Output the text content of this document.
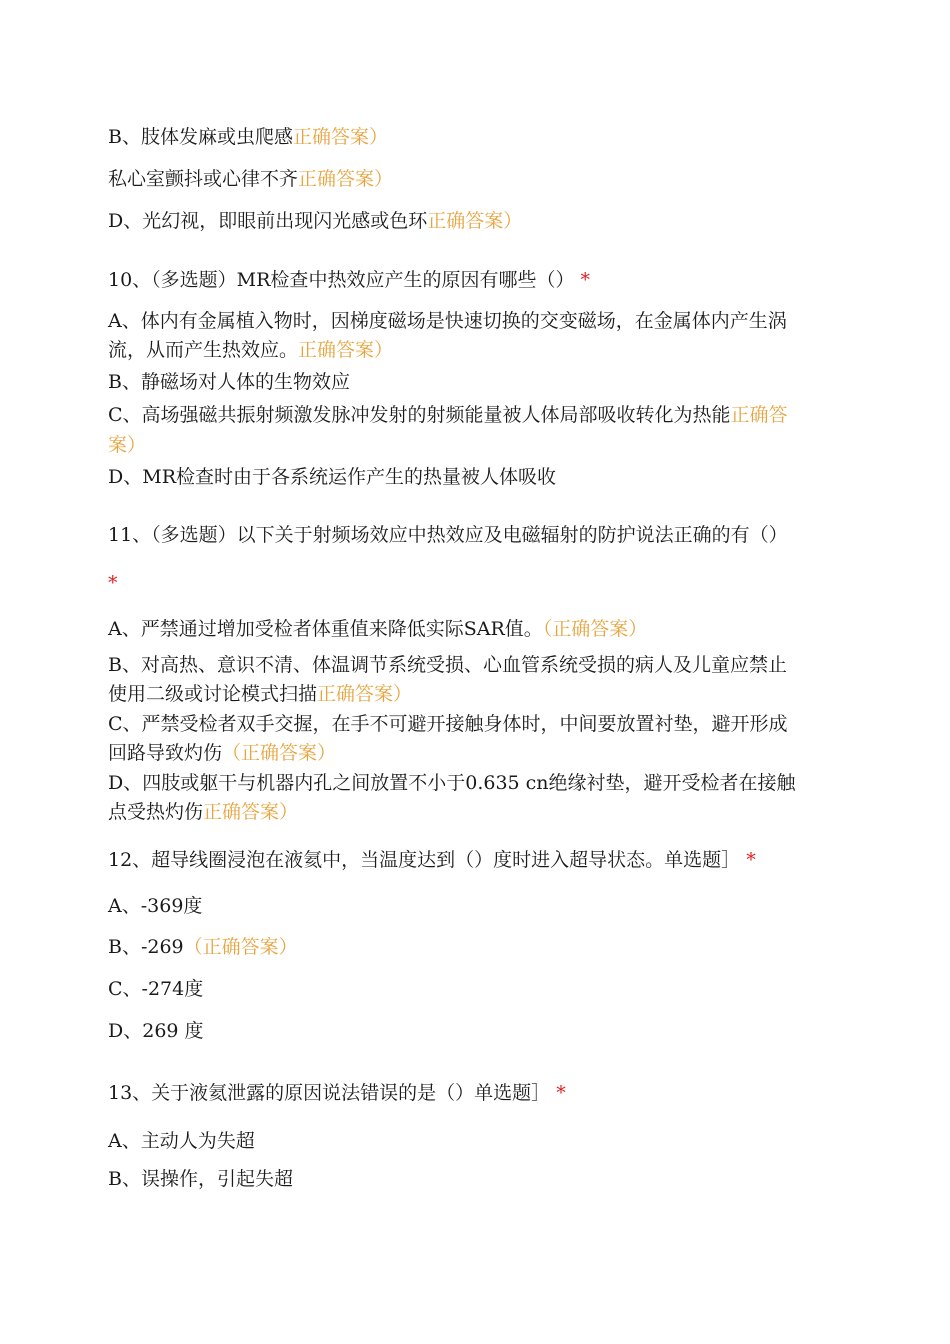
B、肢体发麻或虫爬感正确答案）
私心室颤抖或心律不齐正确答案）
D、光幻视，即眼前出现闪光感或色环正确答案）
10、（多选题）MR检查中热效应产生的原因有哪些（） *
A、体内有金属植入物时，因梯度磁场是快速切换的交变磁场，在金属体内产生涡
流，从而产生热效应。正确答案）
B、静磁场对人体的生物效应
C、高场强磁共振射频激发脉冲发射的射频能量被人体局部吸收转化为热能正确答
案）
D、MR检查时由于各系统运作产生的热量被人体吸收
11、（多选题）以下关于射频场效应中热效应及电磁辐射的防护说法正确的有（）
*
A、严禁通过增加受检者体重值来降低实际SAR值。（正确答案）
B、对高热、意识不清、体温调节系统受损、心血管系统受损的病人及儿童应禁止
使用二级或讨论模式扫描正确答案）
C、严禁受检者双手交握，在手不可避开接触身体时，中间要放置衬垫，避开形成
回路导致灼伤（正确答案）
D、四肢或躯干与机器内孔之间放置不小于0.635 cn绝缘衬垫，避开受检者在接触
点受热灼伤正确答案）
12、超导线圈浸泡在液氦中，当温度达到（）度时进入超导状态。单选题］ *
A、-369度
B、-269（正确答案）
C、-274度
D、269 度
13、关于液氦泄露的原因说法错误的是（）单选题］ *
A、主动人为失超
B、误操作，引起失超
